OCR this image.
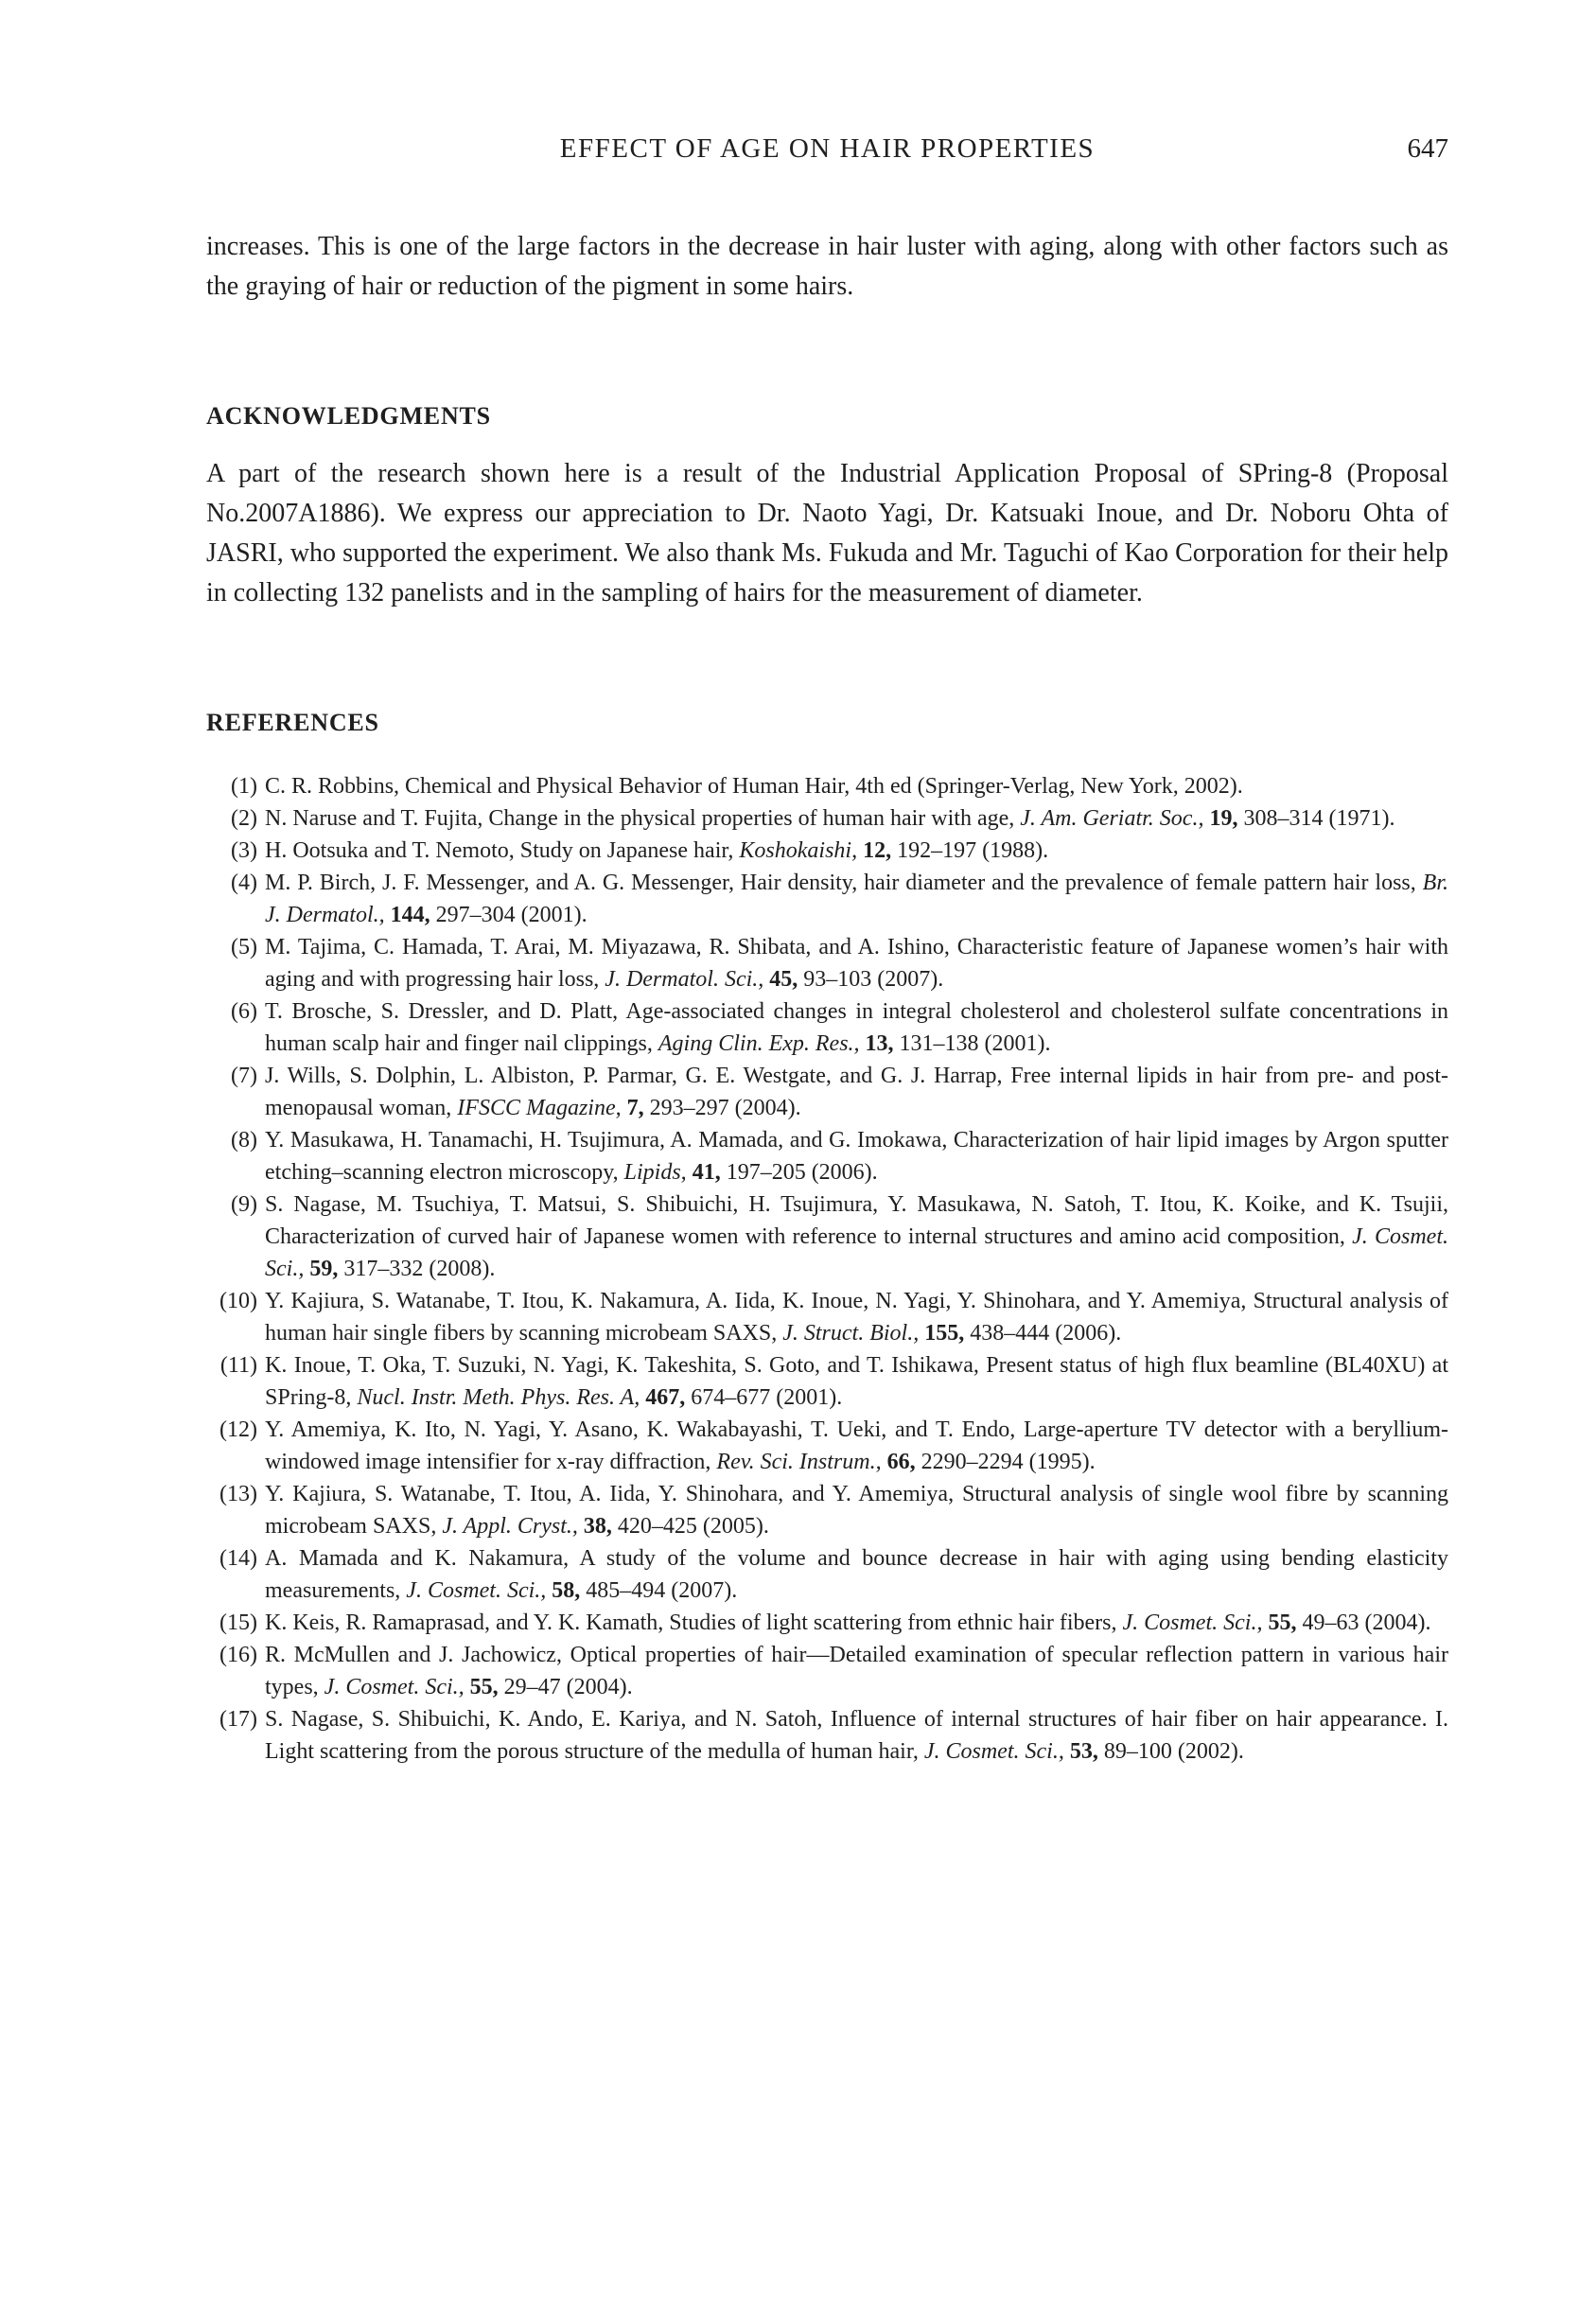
EFFECT OF AGE ON HAIR PROPERTIES	647

increases. This is one of the large factors in the decrease in hair luster with aging, along with other factors such as the graying of hair or reduction of the pigment in some hairs.

ACKNOWLEDGMENTS

A part of the research shown here is a result of the Industrial Application Proposal of SPring-8 (Proposal No.2007A1886). We express our appreciation to Dr. Naoto Yagi, Dr. Katsuaki Inoue, and Dr. Noboru Ohta of JASRI, who supported the experiment. We also thank Ms. Fukuda and Mr. Taguchi of Kao Corporation for their help in collecting 132 panelists and in the sampling of hairs for the measurement of diameter.

REFERENCES
(1) C. R. Robbins, Chemical and Physical Behavior of Human Hair, 4th ed (Springer-Verlag, New York, 2002).
(2) N. Naruse and T. Fujita, Change in the physical properties of human hair with age, J. Am. Geriatr. Soc., 19, 308–314 (1971).
(3) H. Ootsuka and T. Nemoto, Study on Japanese hair, Koshokaishi, 12, 192–197 (1988).
(4) M. P. Birch, J. F. Messenger, and A. G. Messenger, Hair density, hair diameter and the prevalence of female pattern hair loss, Br. J. Dermatol., 144, 297–304 (2001).
(5) M. Tajima, C. Hamada, T. Arai, M. Miyazawa, R. Shibata, and A. Ishino, Characteristic feature of Japanese women’s hair with aging and with progressing hair loss, J. Dermatol. Sci., 45, 93–103 (2007).
(6) T. Brosche, S. Dressler, and D. Platt, Age-associated changes in integral cholesterol and cholesterol sulfate concentrations in human scalp hair and finger nail clippings, Aging Clin. Exp. Res., 13, 131–138 (2001).
(7) J. Wills, S. Dolphin, L. Albiston, P. Parmar, G. E. Westgate, and G. J. Harrap, Free internal lipids in hair from pre- and post-menopausal woman, IFSCC Magazine, 7, 293–297 (2004).
(8) Y. Masukawa, H. Tanamachi, H. Tsujimura, A. Mamada, and G. Imokawa, Characterization of hair lipid images by Argon sputter etching–scanning electron microscopy, Lipids, 41, 197–205 (2006).
(9) S. Nagase, M. Tsuchiya, T. Matsui, S. Shibuichi, H. Tsujimura, Y. Masukawa, N. Satoh, T. Itou, K. Koike, and K. Tsujii, Characterization of curved hair of Japanese women with reference to internal structures and amino acid composition, J. Cosmet. Sci., 59, 317–332 (2008).
(10) Y. Kajiura, S. Watanabe, T. Itou, K. Nakamura, A. Iida, K. Inoue, N. Yagi, Y. Shinohara, and Y. Amemiya, Structural analysis of human hair single fibers by scanning microbeam SAXS, J. Struct. Biol., 155, 438–444 (2006).
(11) K. Inoue, T. Oka, T. Suzuki, N. Yagi, K. Takeshita, S. Goto, and T. Ishikawa, Present status of high flux beamline (BL40XU) at SPring-8, Nucl. Instr. Meth. Phys. Res. A, 467, 674–677 (2001).
(12) Y. Amemiya, K. Ito, N. Yagi, Y. Asano, K. Wakabayashi, T. Ueki, and T. Endo, Large-aperture TV detector with a beryllium-windowed image intensifier for x-ray diffraction, Rev. Sci. Instrum., 66, 2290–2294 (1995).
(13) Y. Kajiura, S. Watanabe, T. Itou, A. Iida, Y. Shinohara, and Y. Amemiya, Structural analysis of single wool fibre by scanning microbeam SAXS, J. Appl. Cryst., 38, 420–425 (2005).
(14) A. Mamada and K. Nakamura, A study of the volume and bounce decrease in hair with aging using bending elasticity measurements, J. Cosmet. Sci., 58, 485–494 (2007).
(15) K. Keis, R. Ramaprasad, and Y. K. Kamath, Studies of light scattering from ethnic hair fibers, J. Cosmet. Sci., 55, 49–63 (2004).
(16) R. McMullen and J. Jachowicz, Optical properties of hair—Detailed examination of specular reflection pattern in various hair types, J. Cosmet. Sci., 55, 29–47 (2004).
(17) S. Nagase, S. Shibuichi, K. Ando, E. Kariya, and N. Satoh, Influence of internal structures of hair fiber on hair appearance. I. Light scattering from the porous structure of the medulla of human hair, J. Cosmet. Sci., 53, 89–100 (2002).
